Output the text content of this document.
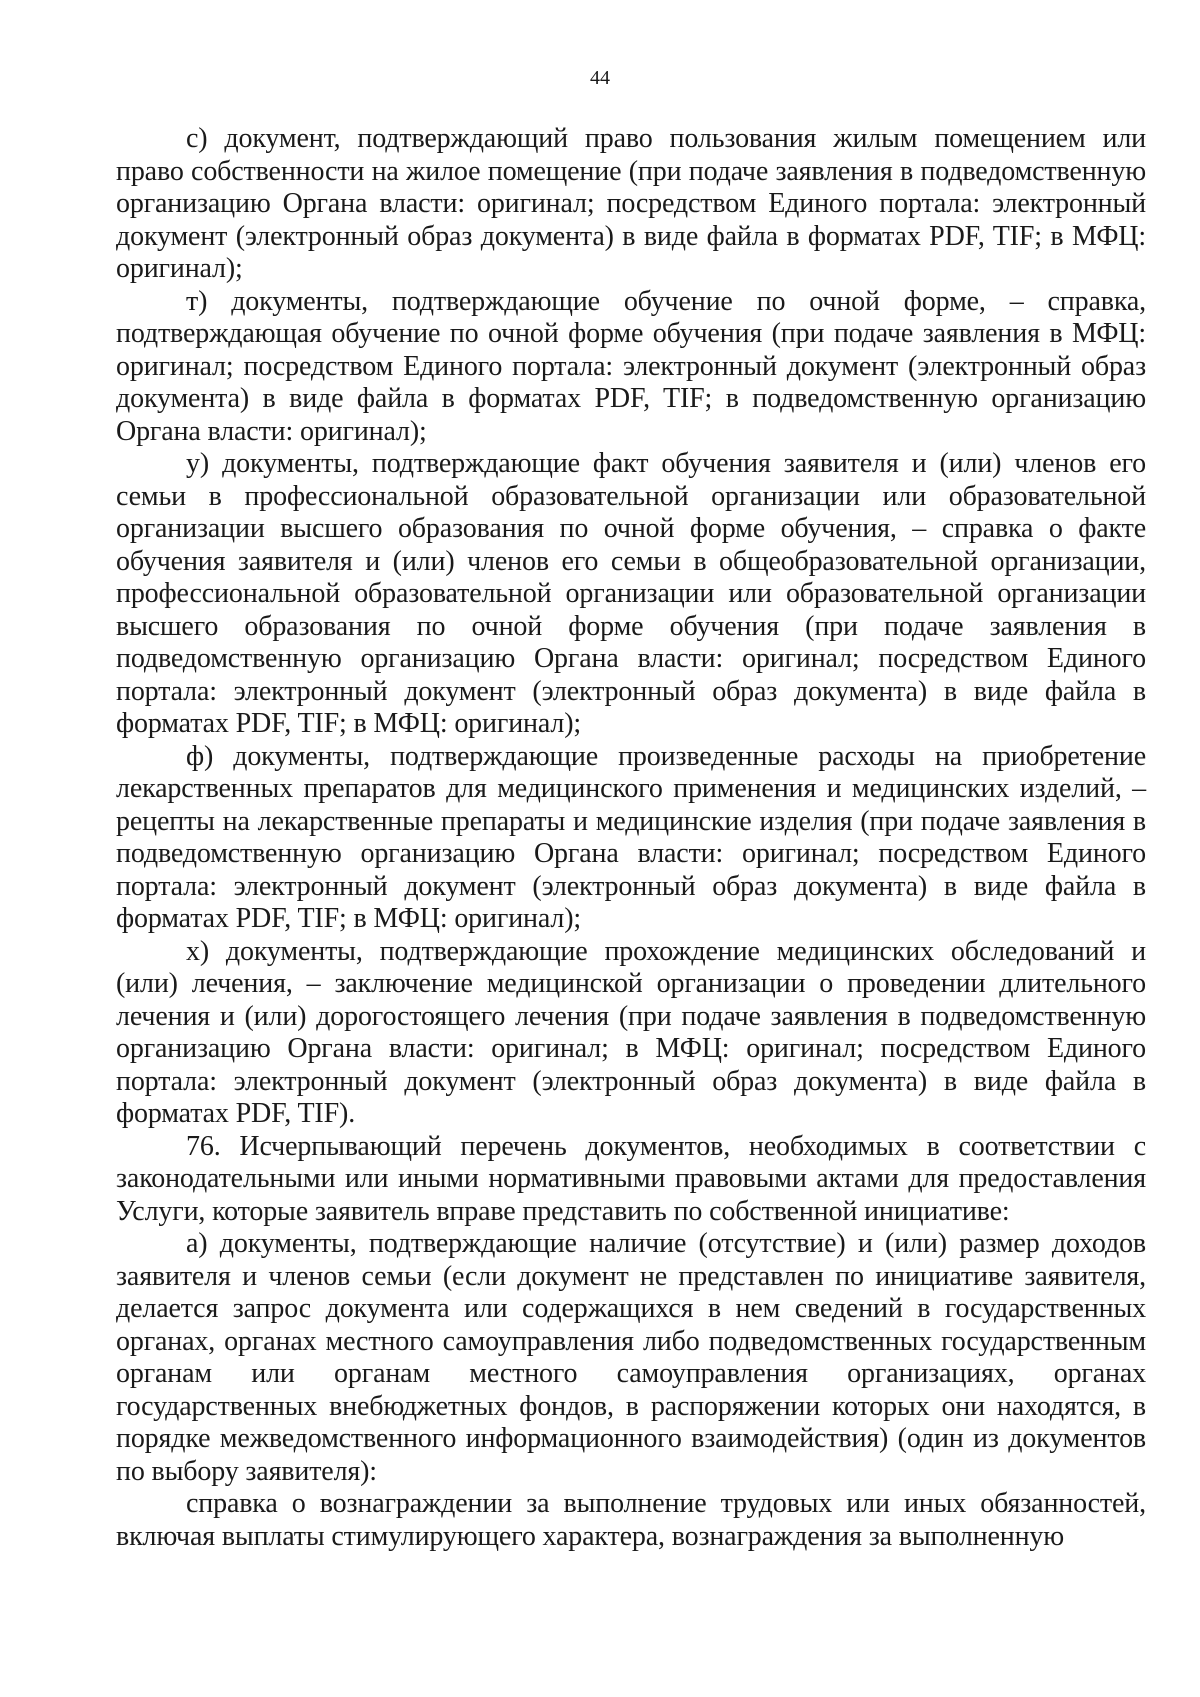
44

с) документ, подтверждающий право пользования жилым помещением или право собственности на жилое помещение (при подаче заявления в подведомственную организацию Органа власти: оригинал; посредством Единого портала: электронный документ (электронный образ документа) в виде файла в форматах PDF, TIF; в МФЦ: оригинал);

т) документы, подтверждающие обучение по очной форме, – справка, подтверждающая обучение по очной форме обучения (при подаче заявления в МФЦ: оригинал; посредством Единого портала: электронный документ (электронный образ документа) в виде файла в форматах PDF, TIF; в подведомственную организацию Органа власти: оригинал);

у) документы, подтверждающие факт обучения заявителя и (или) членов его семьи в профессиональной образовательной организации или образовательной организации высшего образования по очной форме обучения, – справка о факте обучения заявителя и (или) членов его семьи в общеобразовательной организации, профессиональной образовательной организации или образовательной организации высшего образования по очной форме обучения (при подаче заявления в подведомственную организацию Органа власти: оригинал; посредством Единого портала: электронный документ (электронный образ документа) в виде файла в форматах PDF, TIF; в МФЦ: оригинал);

ф) документы, подтверждающие произведенные расходы на приобретение лекарственных препаратов для медицинского применения и медицинских изделий, – рецепты на лекарственные препараты и медицинские изделия (при подаче заявления в подведомственную организацию Органа власти: оригинал; посредством Единого портала: электронный документ (электронный образ документа) в виде файла в форматах PDF, TIF; в МФЦ: оригинал);

х) документы, подтверждающие прохождение медицинских обследований и (или) лечения, – заключение медицинской организации о проведении длительного лечения и (или) дорогостоящего лечения (при подаче заявления в подведомственную организацию Органа власти: оригинал; в МФЦ: оригинал; посредством Единого портала: электронный документ (электронный образ документа) в виде файла в форматах PDF, TIF).

76. Исчерпывающий перечень документов, необходимых в соответствии с законодательными или иными нормативными правовыми актами для предоставления Услуги, которые заявитель вправе представить по собственной инициативе:

а) документы, подтверждающие наличие (отсутствие) и (или) размер доходов заявителя и членов семьи (если документ не представлен по инициативе заявителя, делается запрос документа или содержащихся в нем сведений в государственных органах, органах местного самоуправления либо подведомственных государственным органам или органам местного самоуправления организациях, органах государственных внебюджетных фондов, в распоряжении которых они находятся, в порядке межведомственного информационного взаимодействия) (один из документов по выбору заявителя):

справка о вознаграждении за выполнение трудовых или иных обязанностей, включая выплаты стимулирующего характера, вознаграждения за выполненную
